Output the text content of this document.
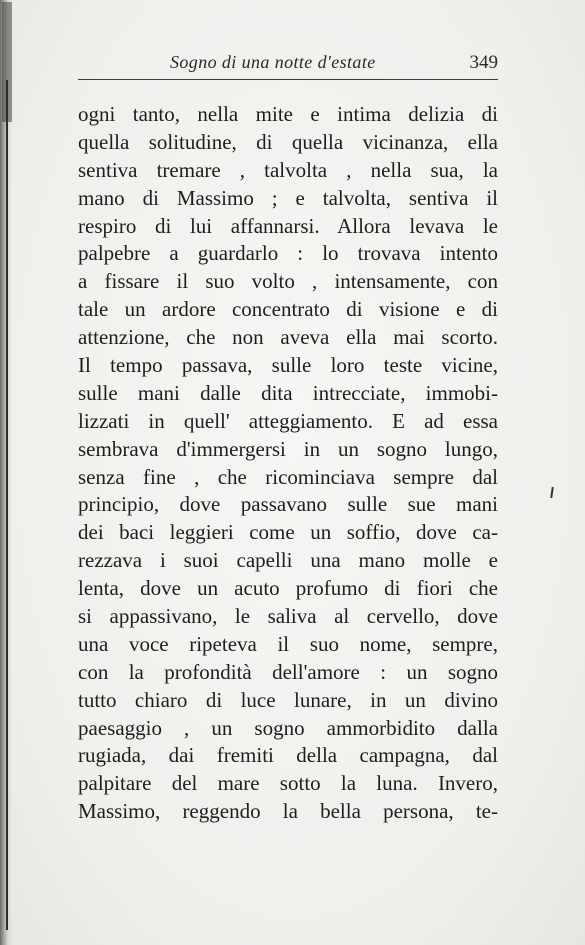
Sogno di una notte d'estate	349
ogni tanto, nella mite e intima delizia di
quella solitudine, di quella vicinanza, ella
sentiva tremare , talvolta , nella sua, la
mano di Massimo ; e talvolta, sentiva il
respiro di lui affannarsi. Allora levava le
palpebre a guardarlo : lo trovava intento
a fissare il suo volto , intensamente, con
tale un ardore concentrato di visione e di
attenzione, che non aveva ella mai scorto.
Il tempo passava, sulle loro teste vicine,
sulle mani dalle dita intrecciate, immobi-
lizzati in quell' atteggiamento. E ad essa
sembrava d'immergersi in un sogno lungo,
senza fine , che ricominciava sempre dal
principio, dove passavano sulle sue mani
dei baci leggieri come un soffio, dove ca-
rezzava i suoi capelli una mano molle e
lenta, dove un acuto profumo di fiori che
si appassivano, le saliva al cervello, dove
una voce ripeteva il suo nome, sempre,
con la profondità dell'amore : un sogno
tutto chiaro di luce lunare, in un divino
paesaggio , un sogno ammorbidito dalla
rugiada, dai fremiti della campagna, dal
palpitare del mare sotto la luna. Invero,
Massimo, reggendo la bella persona, te-
